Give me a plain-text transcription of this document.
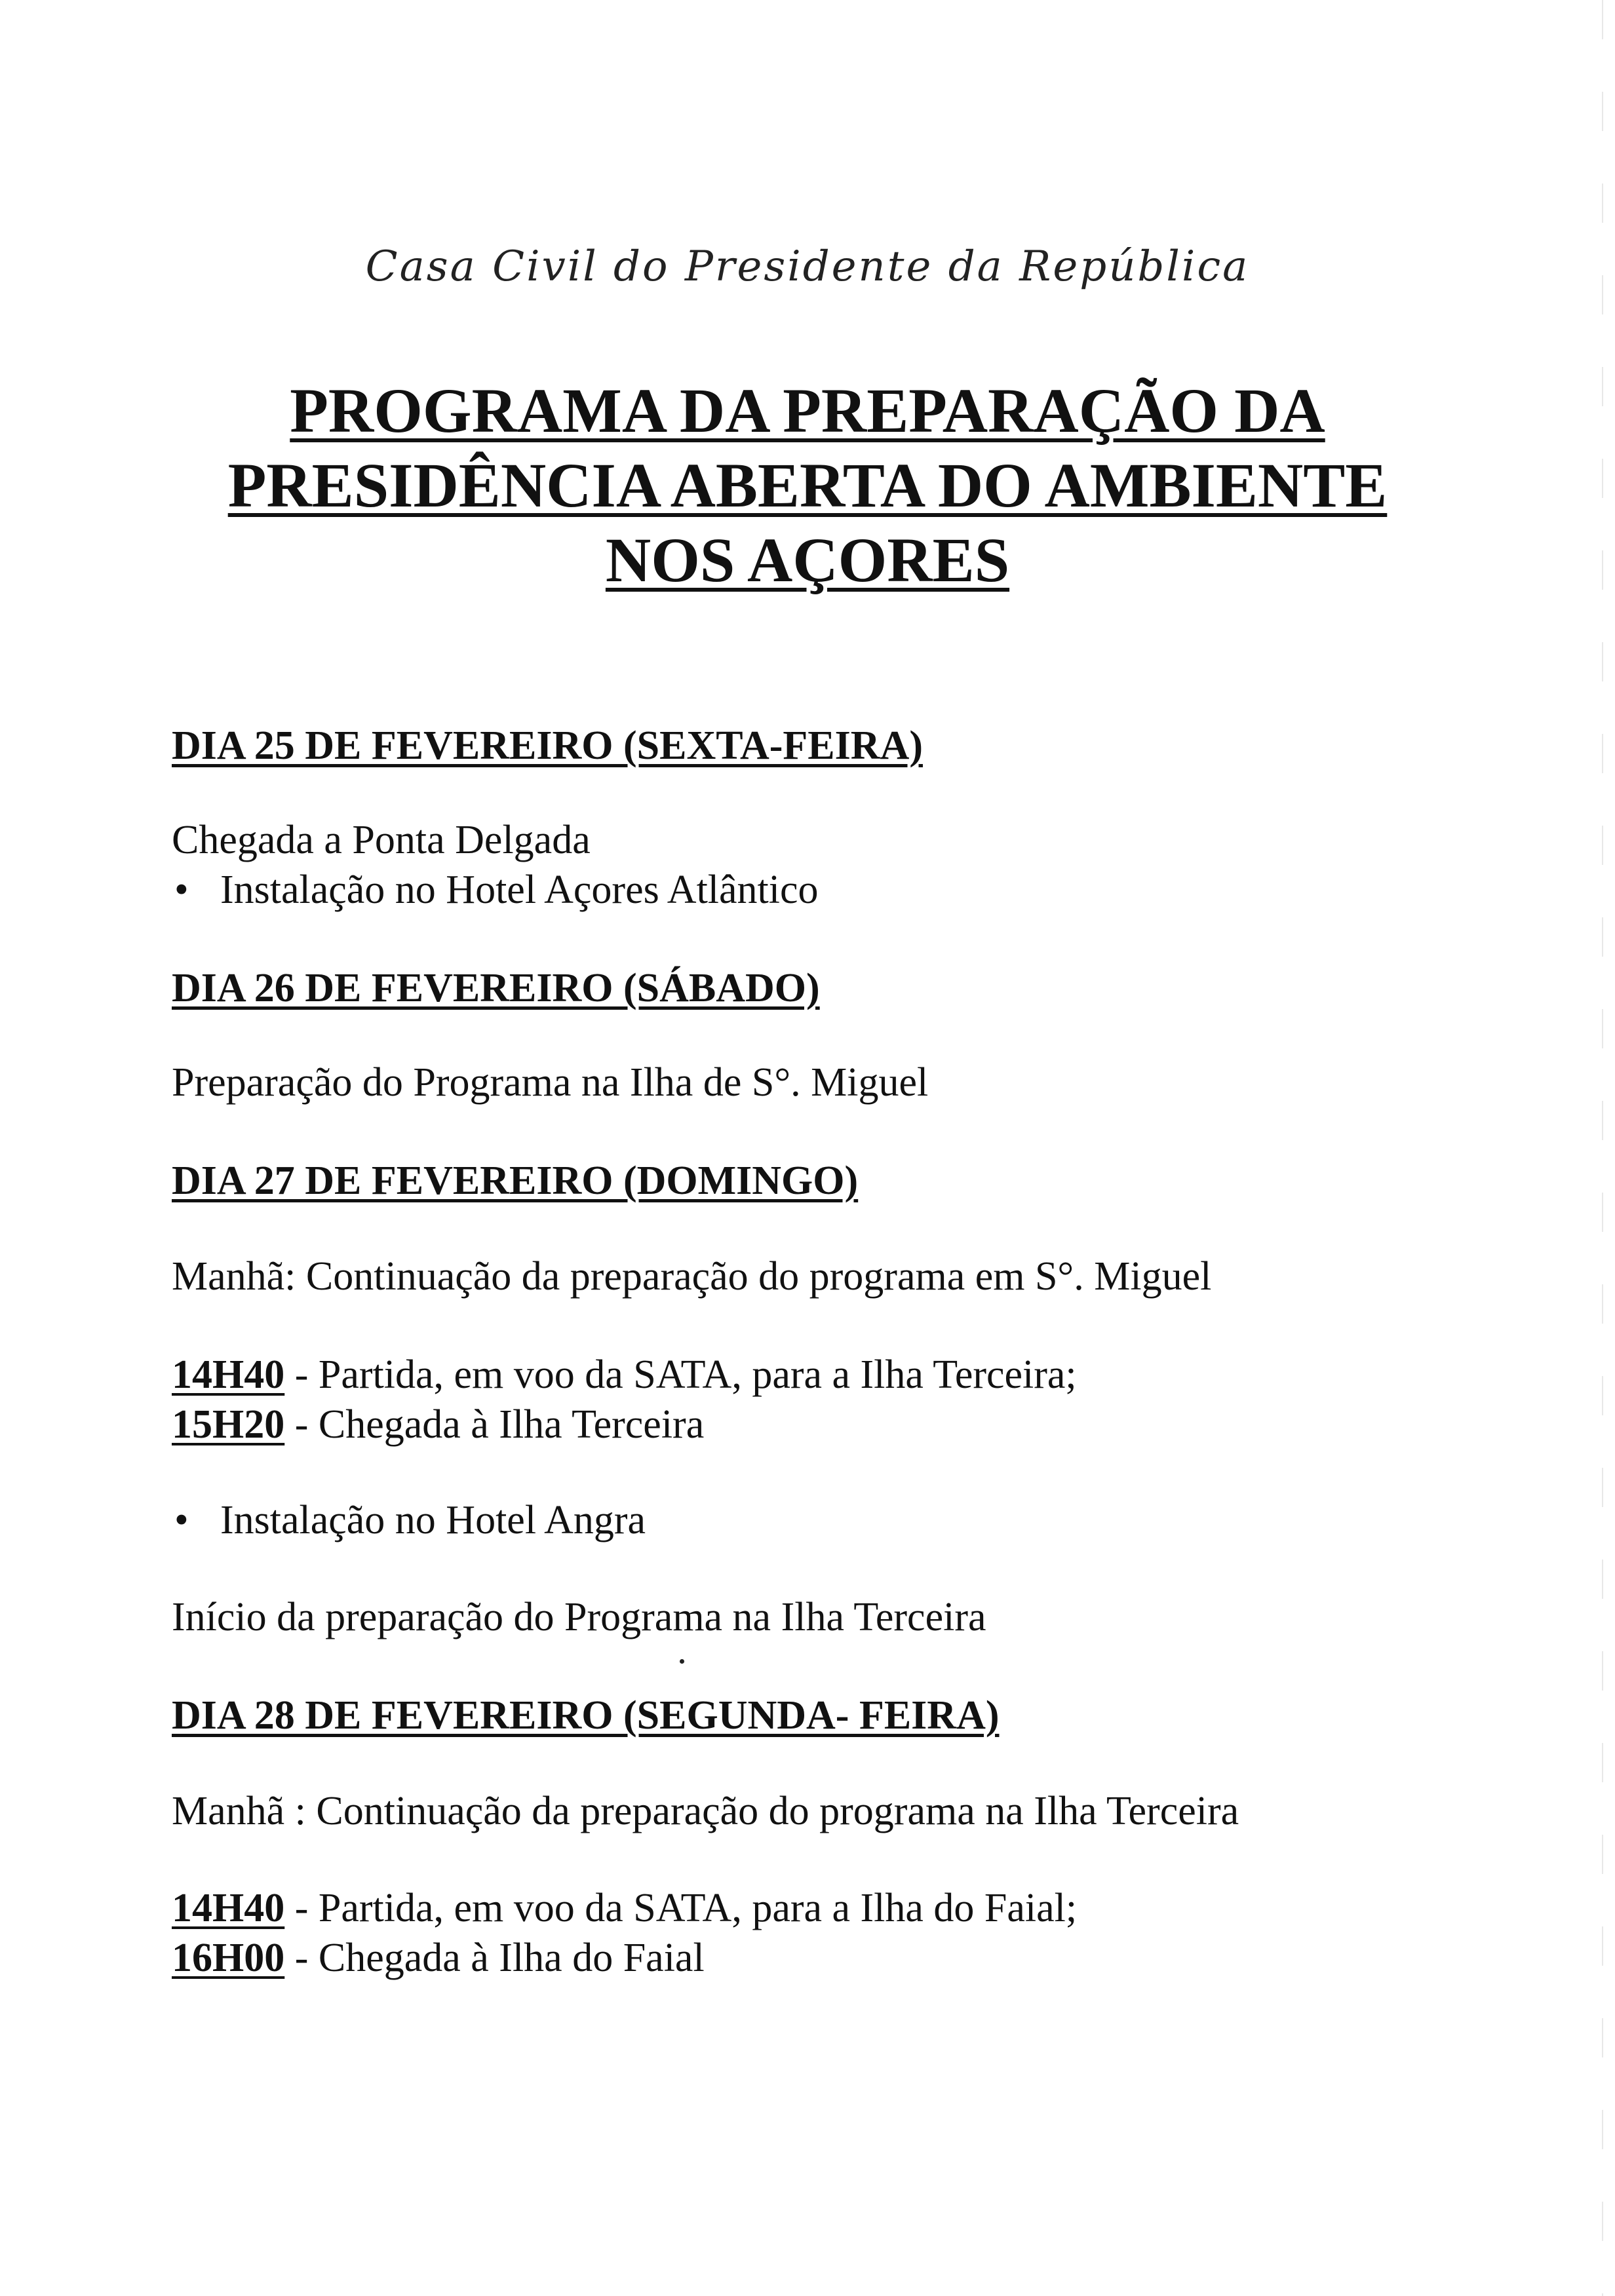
Casa Civil do Presidente da República
PROGRAMA DA PREPARAÇÃO DA
PRESIDÊNCIA ABERTA DO AMBIENTE
NOS AÇORES
DIA 25 DE FEVEREIRO (SEXTA-FEIRA)
Chegada a Ponta Delgada
• Instalação no Hotel Açores Atlântico
DIA 26 DE FEVEREIRO (SÁBADO)
Preparação do Programa na Ilha de S°. Miguel
DIA 27 DE FEVEREIRO (DOMINGO)
Manhã: Continuação da preparação do programa em S°. Miguel
14H40 - Partida, em voo da SATA, para a Ilha Terceira;
15H20 - Chegada à Ilha Terceira
• Instalação no Hotel Angra
Início da preparação do Programa na Ilha Terceira
DIA 28 DE FEVEREIRO (SEGUNDA- FEIRA)
Manhã : Continuação da preparação do programa na Ilha Terceira
14H40 - Partida, em voo da SATA, para a Ilha do Faial;
16H00 - Chegada à Ilha do Faial
